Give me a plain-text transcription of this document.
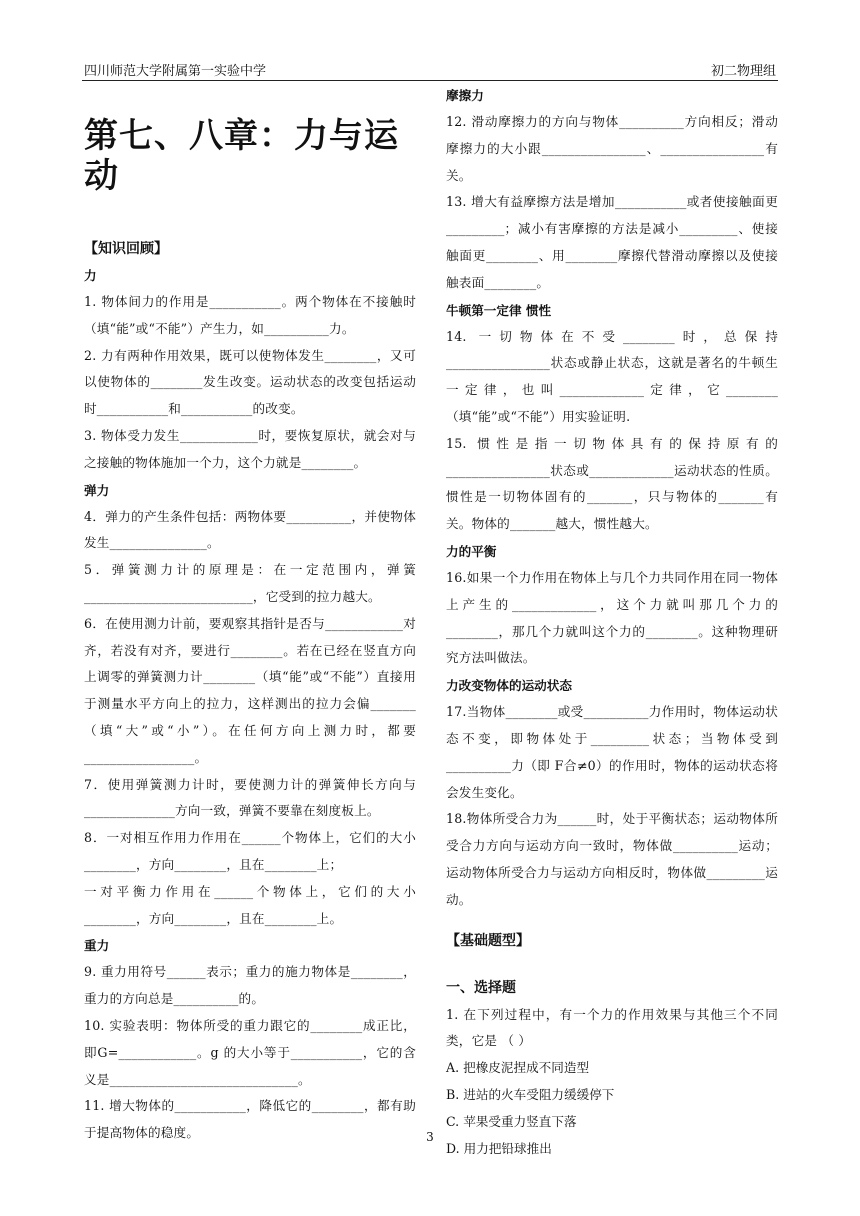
四川师范大学附属第一实验中学	初二物理组
第七、八章：力与运动
【知识回顾】
力

1. 物体间力的作用是___________。两个物体在不接触时（填“能”或“不能”）产生力，如__________力。

2. 力有两种作用效果，既可以使物体发生________，又可以使物体的________发生改变。运动状态的改变包括运动时___________和___________的改变。

3. 物体受力发生____________时，要恢复原状，就会对与之接触的物体施加一个力，这个力就是________。

弹力

4．弹力的产生条件包括：两物体要__________，并使物体发生_______________。

5．弹簧测力计的原理是：在一定范围内，弹簧__________________________，它受到的拉力越大。

6．在使用测力计前，要观察其指针是否与____________对齐，若没有对齐，要进行________。若在已经在竖直方向上调零的弹簧测力计________（填“能”或“不能”）直接用于测量水平方向上的拉力，这样测出的拉力会偏_______（填“大”或“小”）。在任何方向上测力时，都要_________________。

7．使用弹簧测力计时，要使测力计的弹簧伸长方向与______________方向一致，弹簧不要靠在刻度板上。

8．一对相互作用力作用在______个物体上，它们的大小________，方向________，且在________上；

一对平衡力作用在______个物体上，它们的大小________，方向________，且在________上。

重力

9. 重力用符号______表示；重力的施力物体是________，重力的方向总是__________的。

10. 实验表明：物体所受的重力跟它的________成正比，即G=____________。g 的大小等于___________，它的含义是_____________________________。

11. 增大物体的___________，降低它的________，都有助于提高物体的稳度。

摩擦力

12. 滑动摩擦力的方向与物体__________方向相反；滑动摩擦力的大小跟________________、________________有关。

13. 增大有益摩擦方法是增加___________或者使接触面更_________；减小有害摩擦的方法是减小_________、使接触面更________、用________摩擦代替滑动摩擦以及使接触表面________。

牛顿第一定律 惯性

14. 一切物体在不受________时，总保持________________状态或静止状态，这就是著名的牛顿生一定律，也叫_____________定律，它________（填“能”或“不能”）用实验证明.

15. 惯性是指一切物体具有的保持原有的________________状态或_____________运动状态的性质。惯性是一切物体固有的_______，只与物体的_______有关。物体的_______越大，惯性越大。

力的平衡

16.如果一个力作用在物体上与几个力共同作用在同一物体上产生的_____________，这个力就叫那几个力的________，那几个力就叫这个力的________。这种物理研究方法叫做法。

力改变物体的运动状态

17.当物体________或受__________力作用时，物体运动状态不变，即物体处于_________状态；当物体受到__________力（即 F合≠0）的作用时，物体的运动状态将会发生变化。

18.物体所受合力为______时，处于平衡状态；运动物体所受合力方向与运动方向一致时，物体做__________运动；运动物体所受合力与运动方向相反时，物体做_________运动。

【基础题型】
一、选择题

1. 在下列过程中，有一个力的作用效果与其他三个不同类，它是 （ ）

A. 把橡皮泥捏成不同造型

B. 进站的火车受阻力缓缓停下

C. 苹果受重力竖直下落

D. 用力把铅球推出

3
